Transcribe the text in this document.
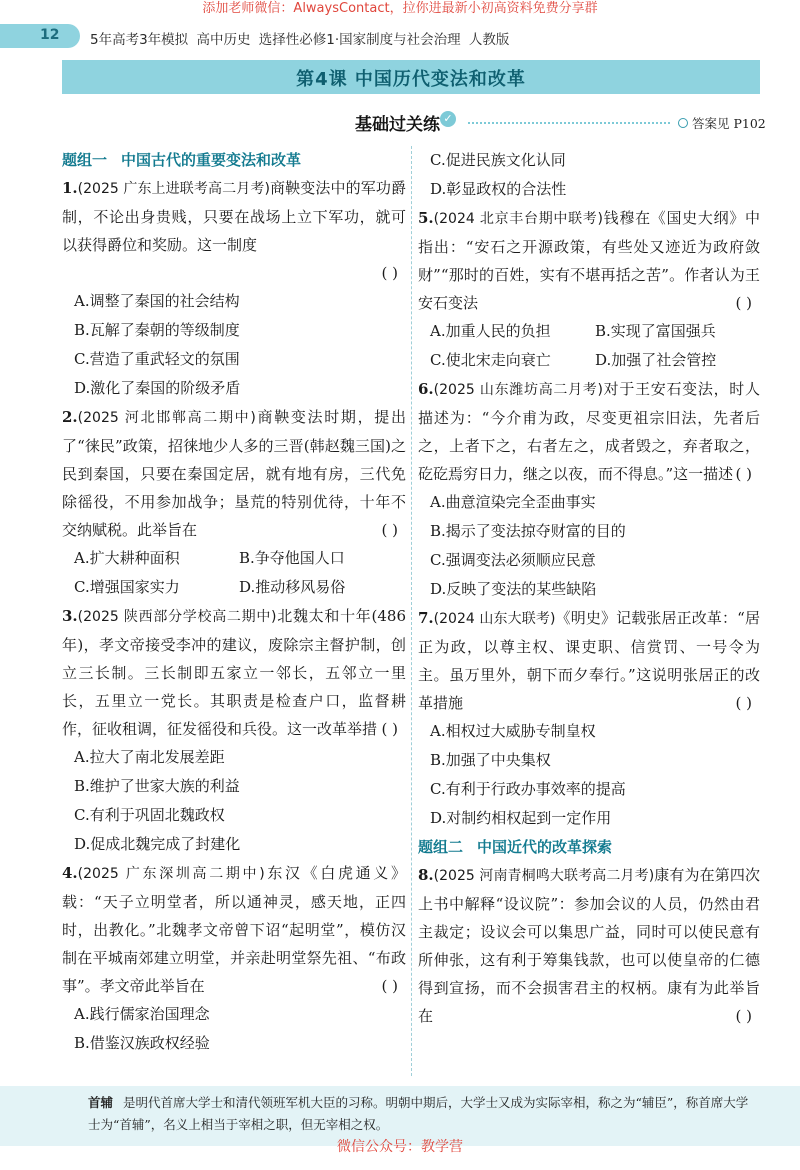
添加老师微信：AlwaysContact，拉你进最新小初高资料免费分享群
12 5年高考3年模拟 高中历史 选择性必修1·国家制度与社会治理 人教版
第4课 中国历代变法和改革
基础过关练 ✓	答案见 P102
题组一 中国古代的重要变法和改革
1.(2025 广东上进联考高二月考)商鞅变法中的军功爵制，不论出身贵贱，只要在战场上立下军功，就可以获得爵位和奖励。这一制度
( )
A.调整了秦国的社会结构
B.瓦解了秦朝的等级制度
C.营造了重武轻文的氛围
D.激化了秦国的阶级矛盾
2.(2025 河北邯郸高二期中)商鞅变法时期，提出了“徕民”政策，招徕地少人多的三晋(韩赵魏三国)之民到秦国，只要在秦国定居，就有地有房，三代免除徭役，不用参加战争；垦荒的特别优待，十年不交纳赋税。此举旨在	( )
A.扩大耕种面积	B.争夺他国人口
C.增强国家实力	D.推动移风易俗
3.(2025 陕西部分学校高二期中)北魏太和十年(486年)，孝文帝接受李冲的建议，废除宗主督护制，创立三长制。三长制即五家立一邻长，五邻立一里长，五里立一党长。其职责是检查户口，监督耕作，征收租调，征发徭役和兵役。这一改革举措 ( )
A.拉大了南北发展差距
B.维护了世家大族的利益
C.有利于巩固北魏政权
D.促成北魏完成了封建化
4.(2025 广东深圳高二期中)东汉《白虎通义》载：“天子立明堂者，所以通神灵，感天地，正四时，出教化。”北魏孝文帝曾下诏“起明堂”，模仿汉制在平城南郊建立明堂，并亲赴明堂祭先祖、“布政事”。孝文帝此举旨在	( )
A.践行儒家治国理念
B.借鉴汉族政权经验
C.促进民族文化认同
D.彰显政权的合法性
5.(2024 北京丰台期中联考)钱穆在《国史大纲》中指出：“安石之开源政策，有些处又迹近为政府敛财”“那时的百姓，实有不堪再括之苦”。作者认为王安石变法	( )
A.加重人民的负担	B.实现了富国强兵
C.使北宋走向衰亡	D.加强了社会管控
6.(2025 山东潍坊高二月考)对于王安石变法，时人描述为：“今介甫为政，尽变更祖宗旧法，先者后之，上者下之，右者左之，成者毁之，弃者取之，矻矻焉穷日力，继之以夜，而不得息。”这一描述 ( )
A.曲意渲染完全歪曲事实
B.揭示了变法掠夺财富的目的
C.强调变法必须顺应民意
D.反映了变法的某些缺陷
7.(2024 山东大联考)《明史》记载张居正改革：“居正为政，以尊主权、课吏职、信赏罚、一号令为主。虽万里外，朝下而夕奉行。”这说明张居正的改革措施	( )
A.相权过大威胁专制皇权
B.加强了中央集权
C.有利于行政办事效率的提高
D.对制约相权起到一定作用
题组二 中国近代的改革探索
8.(2025 河南青桐鸣大联考高二月考)康有为在第四次上书中解释“设议院”：参加会议的人员，仍然由君主裁定；设议会可以集思广益，同时可以使民意有所伸张，这有利于筹集钱款，也可以使皇帝的仁德得到宣扬，而不会损害君主的权柄。康有为此举旨在	( )
首辅 是明代首席大学士和清代领班军机大臣的习称。明朝中期后，大学士又成为实际宰相，称之为“辅臣”，称首席大学士为“首辅”，名义上相当于宰相之职，但无宰相之权。
微信公众号：教学营
